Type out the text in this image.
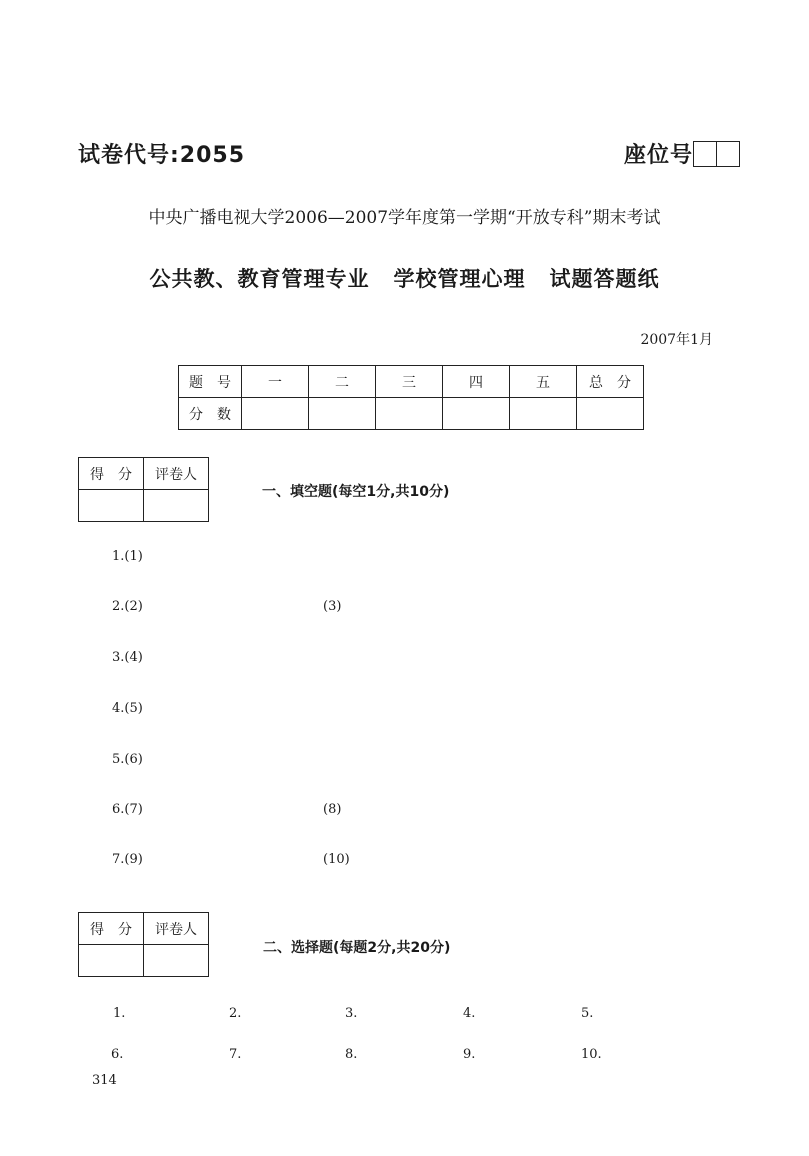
试卷代号:2055	座位号
中央广播电视大学2006—2007学年度第一学期“开放专科”期末考试
公共教、教育管理专业 学校管理心理 试题答题纸
2007年1月
题　号	一	二	三	四	五	总　分
分　数						
得　分	评卷人

一、填空题(每空1分,共10分)
1.(1)
2.(2)	(3)
3.(4)
4.(5)
5.(6)
6.(7)	(8)
7.(9)	(10)
得　分	评卷人

二、选择题(每题2分,共20分)
1.	2.	3.	4.	5.
6.	7.	8.	9.	10.
314
